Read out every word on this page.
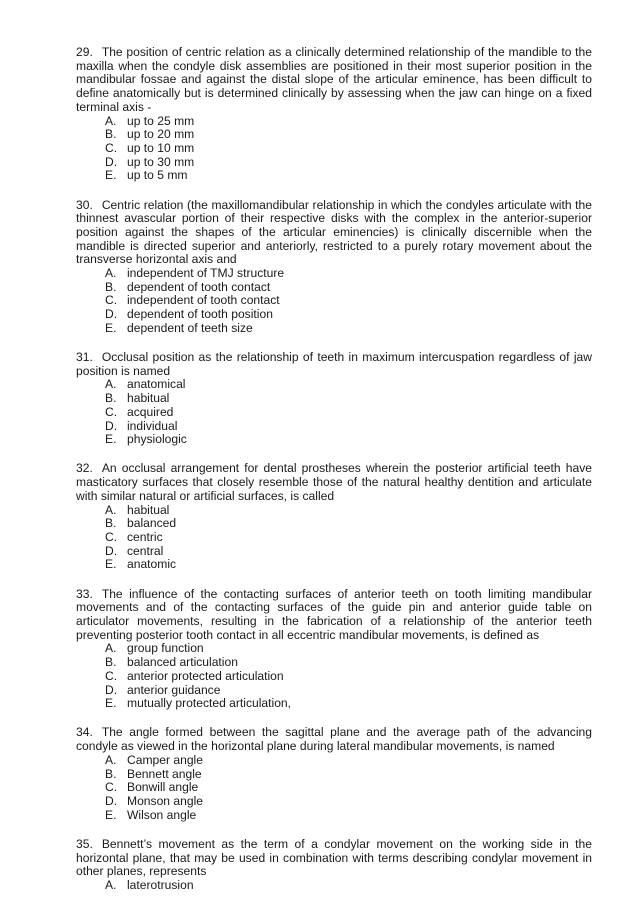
29. The position of centric relation as a clinically determined relationship of the mandible to the maxilla when the condyle disk assemblies are positioned in their most superior position in the mandibular fossae and against the distal slope of the articular eminence, has been difficult to define anatomically but is determined clinically by assessing when the jaw can hinge on a fixed terminal axis -

A. up to 25 mm
B. up to 20 mm
C. up to 10 mm
D. up to 30 mm
E. up to 5 mm

30. Centric relation (the maxillomandibular relationship in which the condyles articulate with the thinnest avascular portion of their respective disks with the complex in the anterior-superior position against the shapes of the articular eminencies) is clinically discernible when the mandible is directed superior and anteriorly, restricted to a purely rotary movement about the transverse horizontal axis and

A. independent of TMJ structure
B. dependent of tooth contact
C. independent of tooth contact
D. dependent of tooth position
E. dependent of teeth size

31. Occlusal position as the relationship of teeth in maximum intercuspation regardless of jaw position is named

A. anatomical
B. habitual
C. acquired
D. individual
E. physiologic

32. An occlusal arrangement for dental prostheses wherein the posterior artificial teeth have masticatory surfaces that closely resemble those of the natural healthy dentition and articulate with similar natural or artificial surfaces, is called

A. habitual
B. balanced
C. centric
D. central
E. anatomic

33. The influence of the contacting surfaces of anterior teeth on tooth limiting mandibular movements and of the contacting surfaces of the guide pin and anterior guide table on articulator movements, resulting in the fabrication of a relationship of the anterior teeth preventing posterior tooth contact in all eccentric mandibular movements, is defined as

A. group function
B. balanced articulation
C. anterior protected articulation
D. anterior guidance
E. mutually protected articulation,

34. The angle formed between the sagittal plane and the average path of the advancing condyle as viewed in the horizontal plane during lateral mandibular movements, is named

A. Camper angle
B. Bennett angle
C. Bonwill angle
D. Monson angle
E. Wilson angle

35. Bennett’s movement as the term of a condylar movement on the working side in the horizontal plane, that may be used in combination with terms describing condylar movement in other planes, represents

A. laterotrusion
